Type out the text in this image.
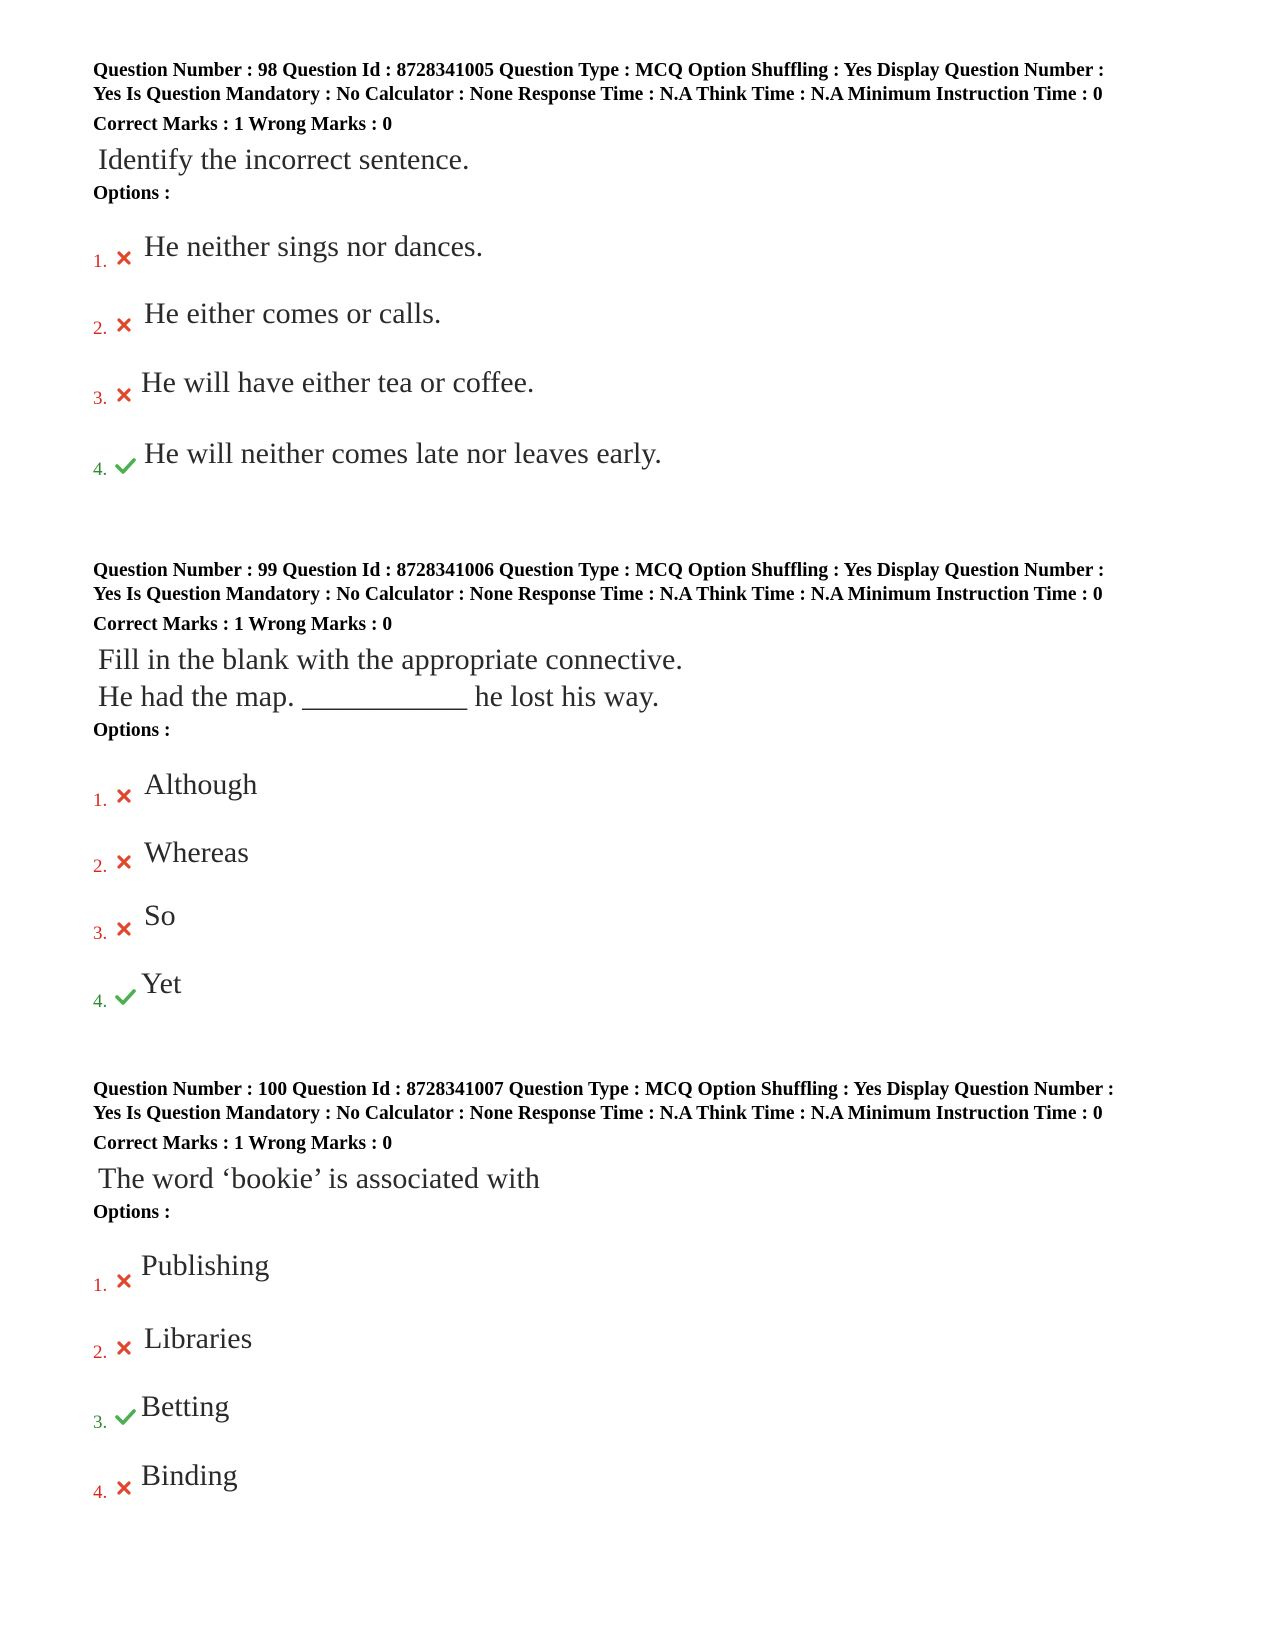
Question Number : 98 Question Id : 8728341005 Question Type : MCQ Option Shuffling : Yes Display Question Number : Yes Is Question Mandatory : No Calculator : None Response Time : N.A Think Time : N.A Minimum Instruction Time : 0
Correct Marks : 1 Wrong Marks : 0
Identify the incorrect sentence.
Options :
1. He neither sings nor dances.
2. He either comes or calls.
3. He will have either tea or coffee.
4. He will neither comes late nor leaves early.
Question Number : 99 Question Id : 8728341006 Question Type : MCQ Option Shuffling : Yes Display Question Number : Yes Is Question Mandatory : No Calculator : None Response Time : N.A Think Time : N.A Minimum Instruction Time : 0
Correct Marks : 1 Wrong Marks : 0
Fill in the blank with the appropriate connective.
He had the map. ___________ he lost his way.
Options :
1. Although
2. Whereas
3.
So
4.
Yet
Question Number : 100 Question Id : 8728341007 Question Type : MCQ Option Shuffling : Yes Display Question Number : Yes Is Question Mandatory : No Calculator : None Response Time : N.A Think Time : N.A Minimum Instruction Time : 0
Correct Marks : 1 Wrong Marks : 0
The word ‘bookie’ is associated with
Options :
1.
Publishing
2. Libraries
3. Betting
4.
Binding
